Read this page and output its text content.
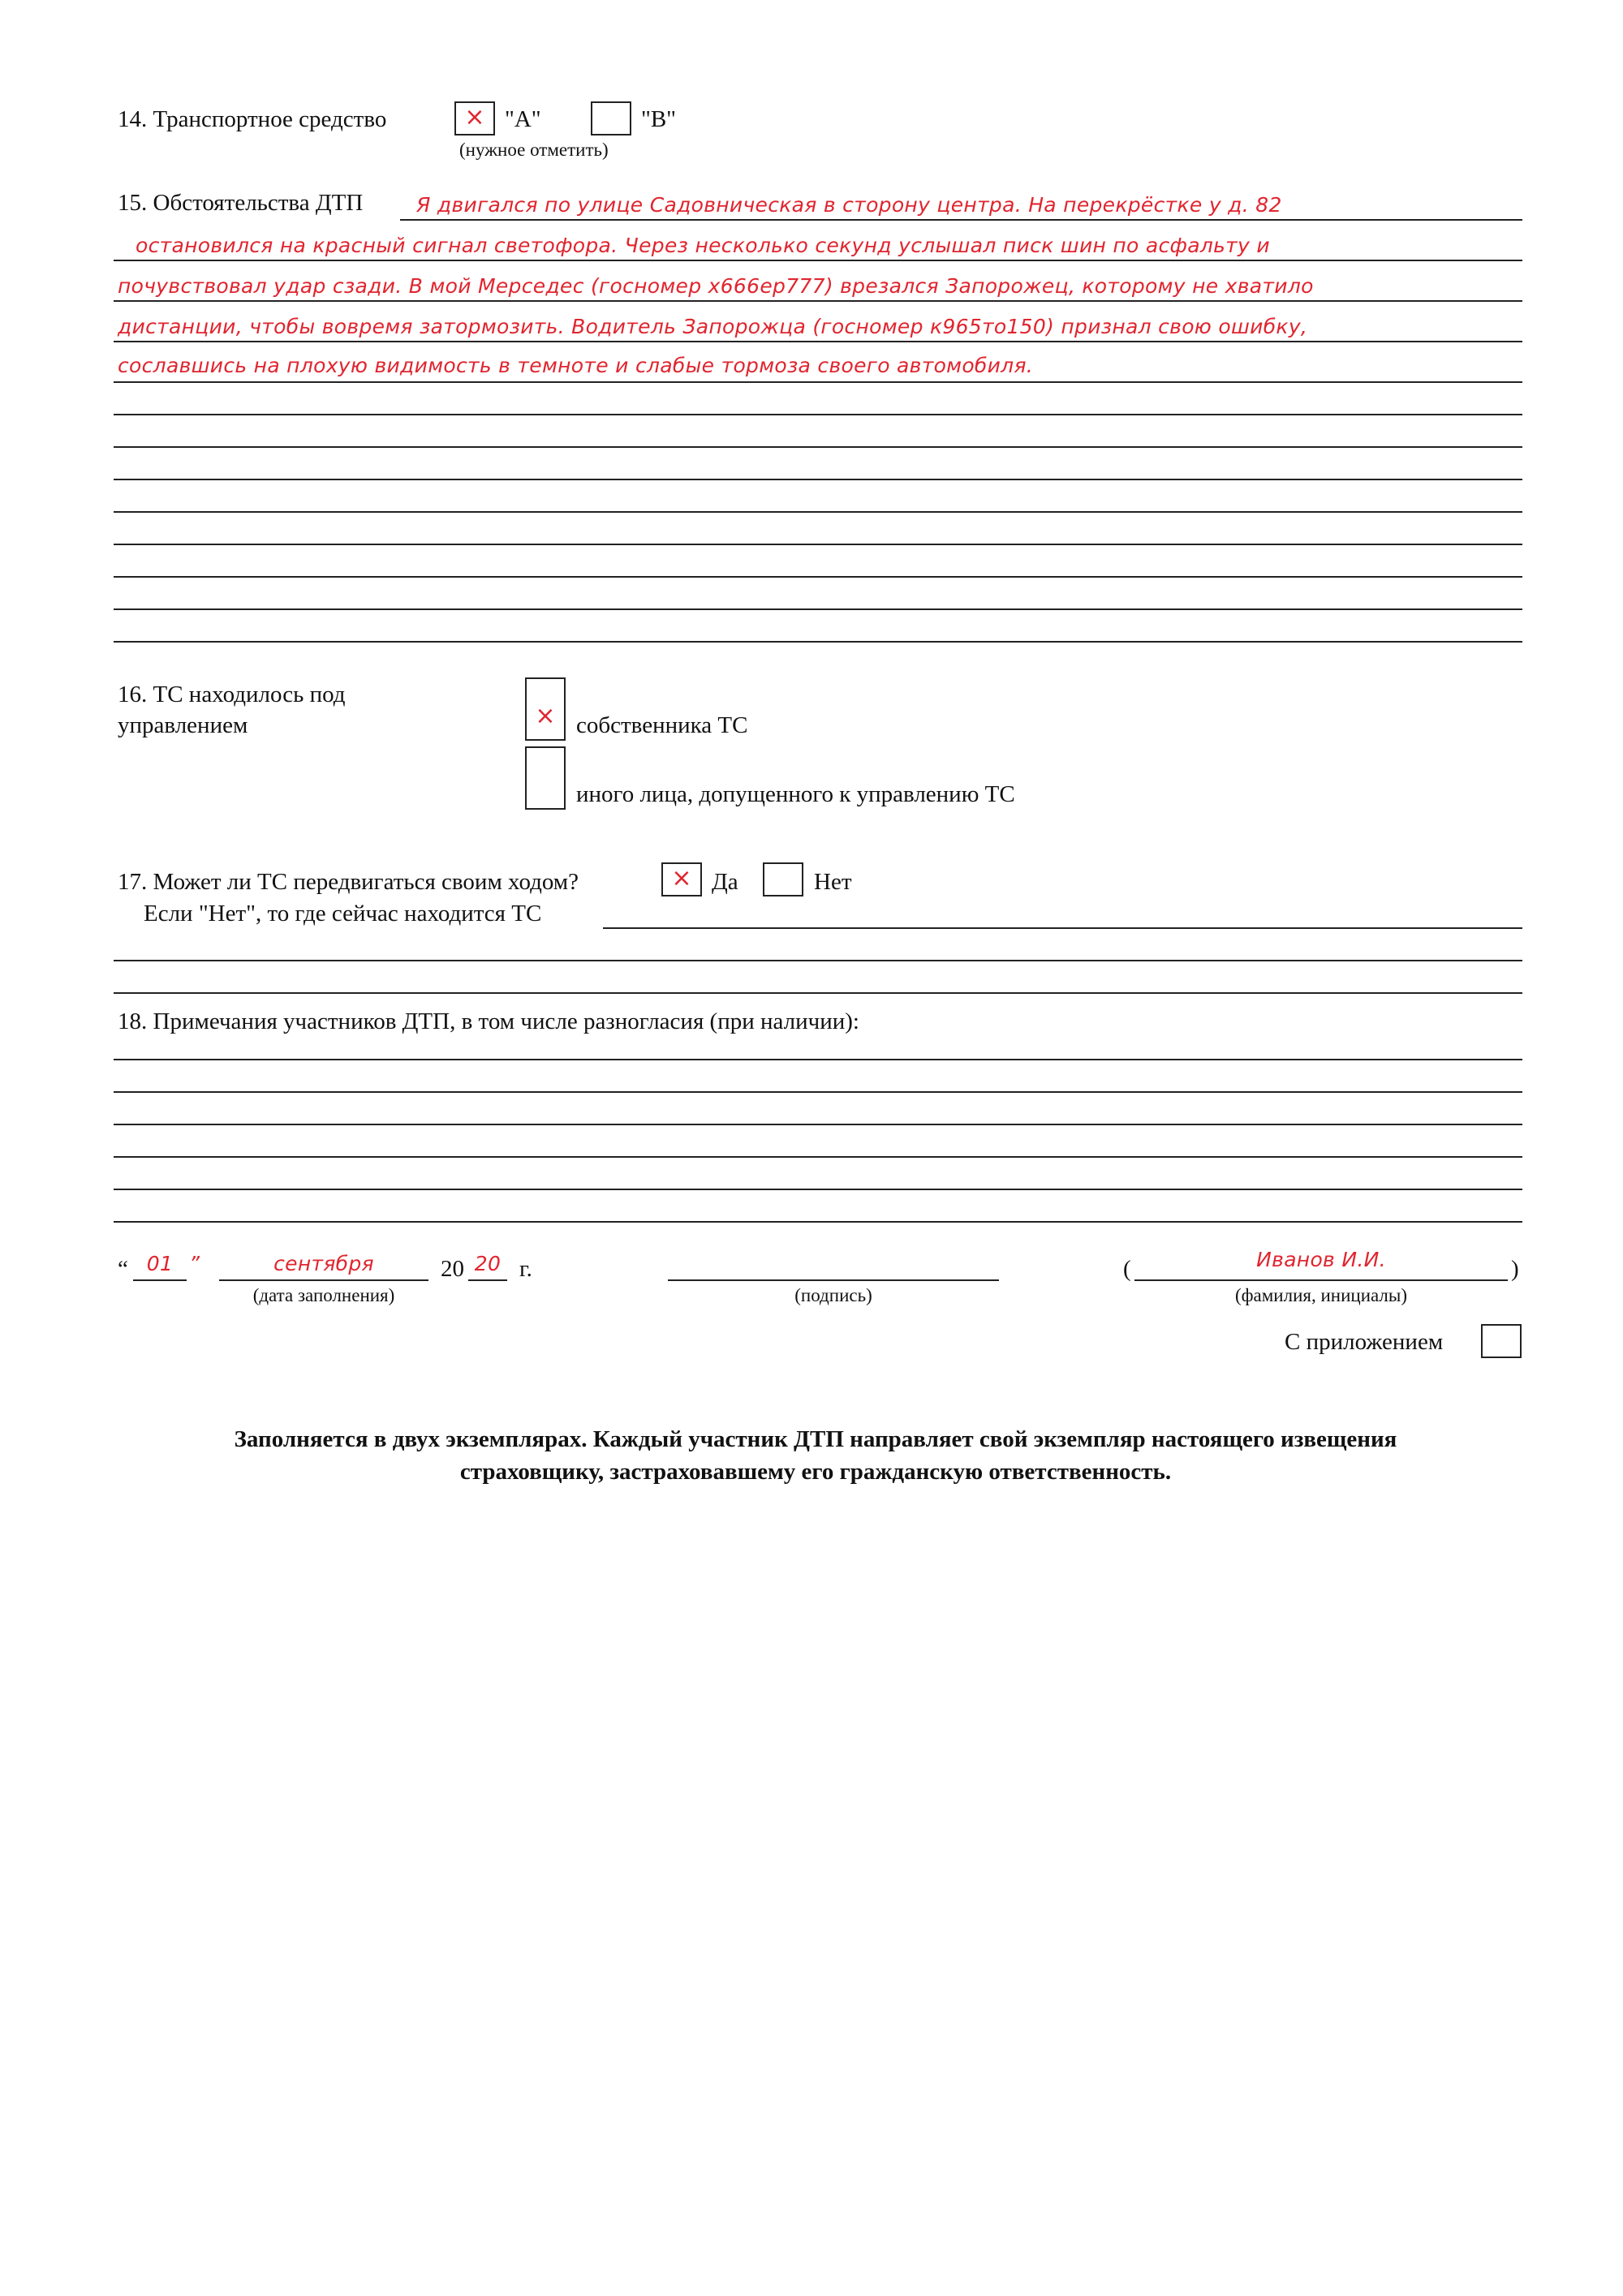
14. Транспортное средство	× "А"	"В"
(нужное отметить)
15. Обстоятельства ДТП	Я двигался по улице Садовническая в сторону центра. На перекрёстке у д. 82
остановился на красный сигнал светофора. Через несколько секунд услышал писк шин по асфальту и
почувствовал удар сзади. В мой Мерседес (госномер х666ер777) врезался Запорожец, которому не хватило
дистанции, чтобы вовремя затормозить. Водитель Запорожца (госномер к965то150) признал свою ошибку,
сославшись на плохую видимость в темноте и слабые тормоза своего автомобиля.
16. ТС находилось под
управлением	× собственника ТС
иного лица, допущенного к управлению ТС
17. Может ли ТС передвигаться своим ходом?	× Да	Нет
Если "Нет", то где сейчас находится ТС
18. Примечания участников ДТП, в том числе разногласия (при наличии):
“ 01 ”	сентября	20 20 г.
(дата заполнения)	(подпись)
(	Иванов И.И.	)
(фамилия, инициалы)
С приложением
Заполняется в двух экземплярах. Каждый участник ДТП направляет свой экземпляр настоящего извещения
страховщику, застраховавшему его гражданскую ответственность.
